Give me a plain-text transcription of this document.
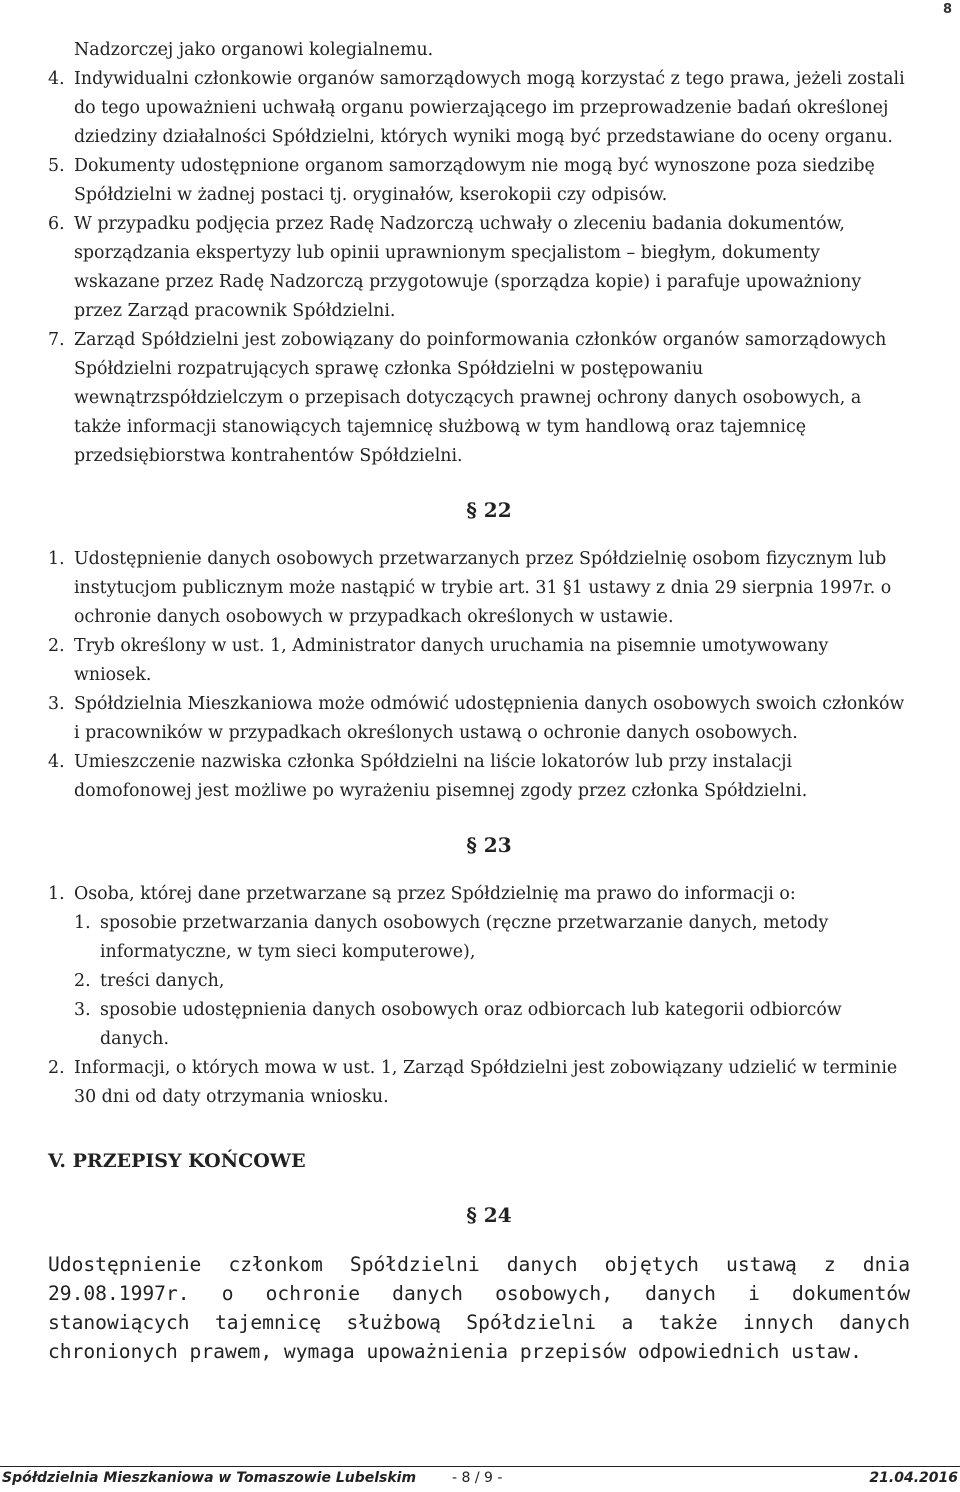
8
Nadzorczej jako organowi kolegialnemu.
4. Indywidualni członkowie organów samorządowych mogą korzystać z tego prawa, jeżeli zostali do tego upoważnieni uchwałą organu powierzającego im przeprowadzenie badań określonej dziedziny działalności Spółdzielni, których wyniki mogą być przedstawiane do oceny organu.
5. Dokumenty udostępnione organom samorządowym nie mogą być wynoszone poza siedzibę Spółdzielni w żadnej postaci tj. oryginałów, kserokopii czy odpisów.
6. W przypadku podjęcia przez Radę Nadzorczą uchwały o zleceniu badania dokumentów, sporządzania ekspertyzy lub opinii uprawnionym specjalistom – biegłym, dokumenty wskazane przez Radę Nadzorczą przygotowuje (sporządza kopie) i parafuje upoważniony przez Zarząd pracownik Spółdzielni.
7. Zarząd Spółdzielni jest zobowiązany do poinformowania członków organów samorządowych Spółdzielni rozpatrujących sprawę członka Spółdzielni w postępowaniu wewnątrzspółdzielczym o przepisach dotyczących prawnej ochrony danych osobowych, a także informacji stanowiących tajemnicę służbową w tym handlową oraz tajemnicę przedsiębiorstwa kontrahentów Spółdzielni.
§ 22
1. Udostępnienie danych osobowych przetwarzanych przez Spółdzielnię osobom fizycznym lub instytucjom publicznym może nastąpić w trybie art. 31 §1 ustawy z dnia 29 sierpnia 1997r. o ochronie danych osobowych w przypadkach określonych w ustawie.
2. Tryb określony w ust. 1, Administrator danych uruchamia na pisemnie umotywowany wniosek.
3. Spółdzielnia Mieszkaniowa może odmówić udostępnienia danych osobowych swoich członków i pracowników w przypadkach określonych ustawą o ochronie danych osobowych.
4. Umieszczenie nazwiska członka Spółdzielni na liście lokatorów lub przy instalacji domofonowej jest możliwe po wyrażeniu pisemnej zgody przez członka Spółdzielni.
§ 23
1. Osoba, której dane przetwarzane są przez Spółdzielnię ma prawo do informacji o:
1. sposobie przetwarzania danych osobowych (ręczne przetwarzanie danych, metody informatyczne, w tym sieci komputerowe),
2. treści danych,
3. sposobie udostępnienia danych osobowych oraz odbiorcach lub kategorii odbiorców danych.
2. Informacji, o których mowa w ust. 1, Zarząd Spółdzielni jest zobowiązany udzielić w terminie 30 dni od daty otrzymania wniosku.
V. PRZEPISY KOŃCOWE
§ 24
Udostępnienie członkom Spółdzielni danych objętych ustawą z dnia 29.08.1997r. o ochronie danych osobowych, danych i dokumentów stanowiących tajemnicę służbową Spółdzielni a także innych danych chronionych prawem, wymaga upoważnienia przepisów odpowiednich ustaw.
Spółdzielnia Mieszkaniowa w Tomaszowie Lubelskim	- 8 / 9 -	21.04.2016
